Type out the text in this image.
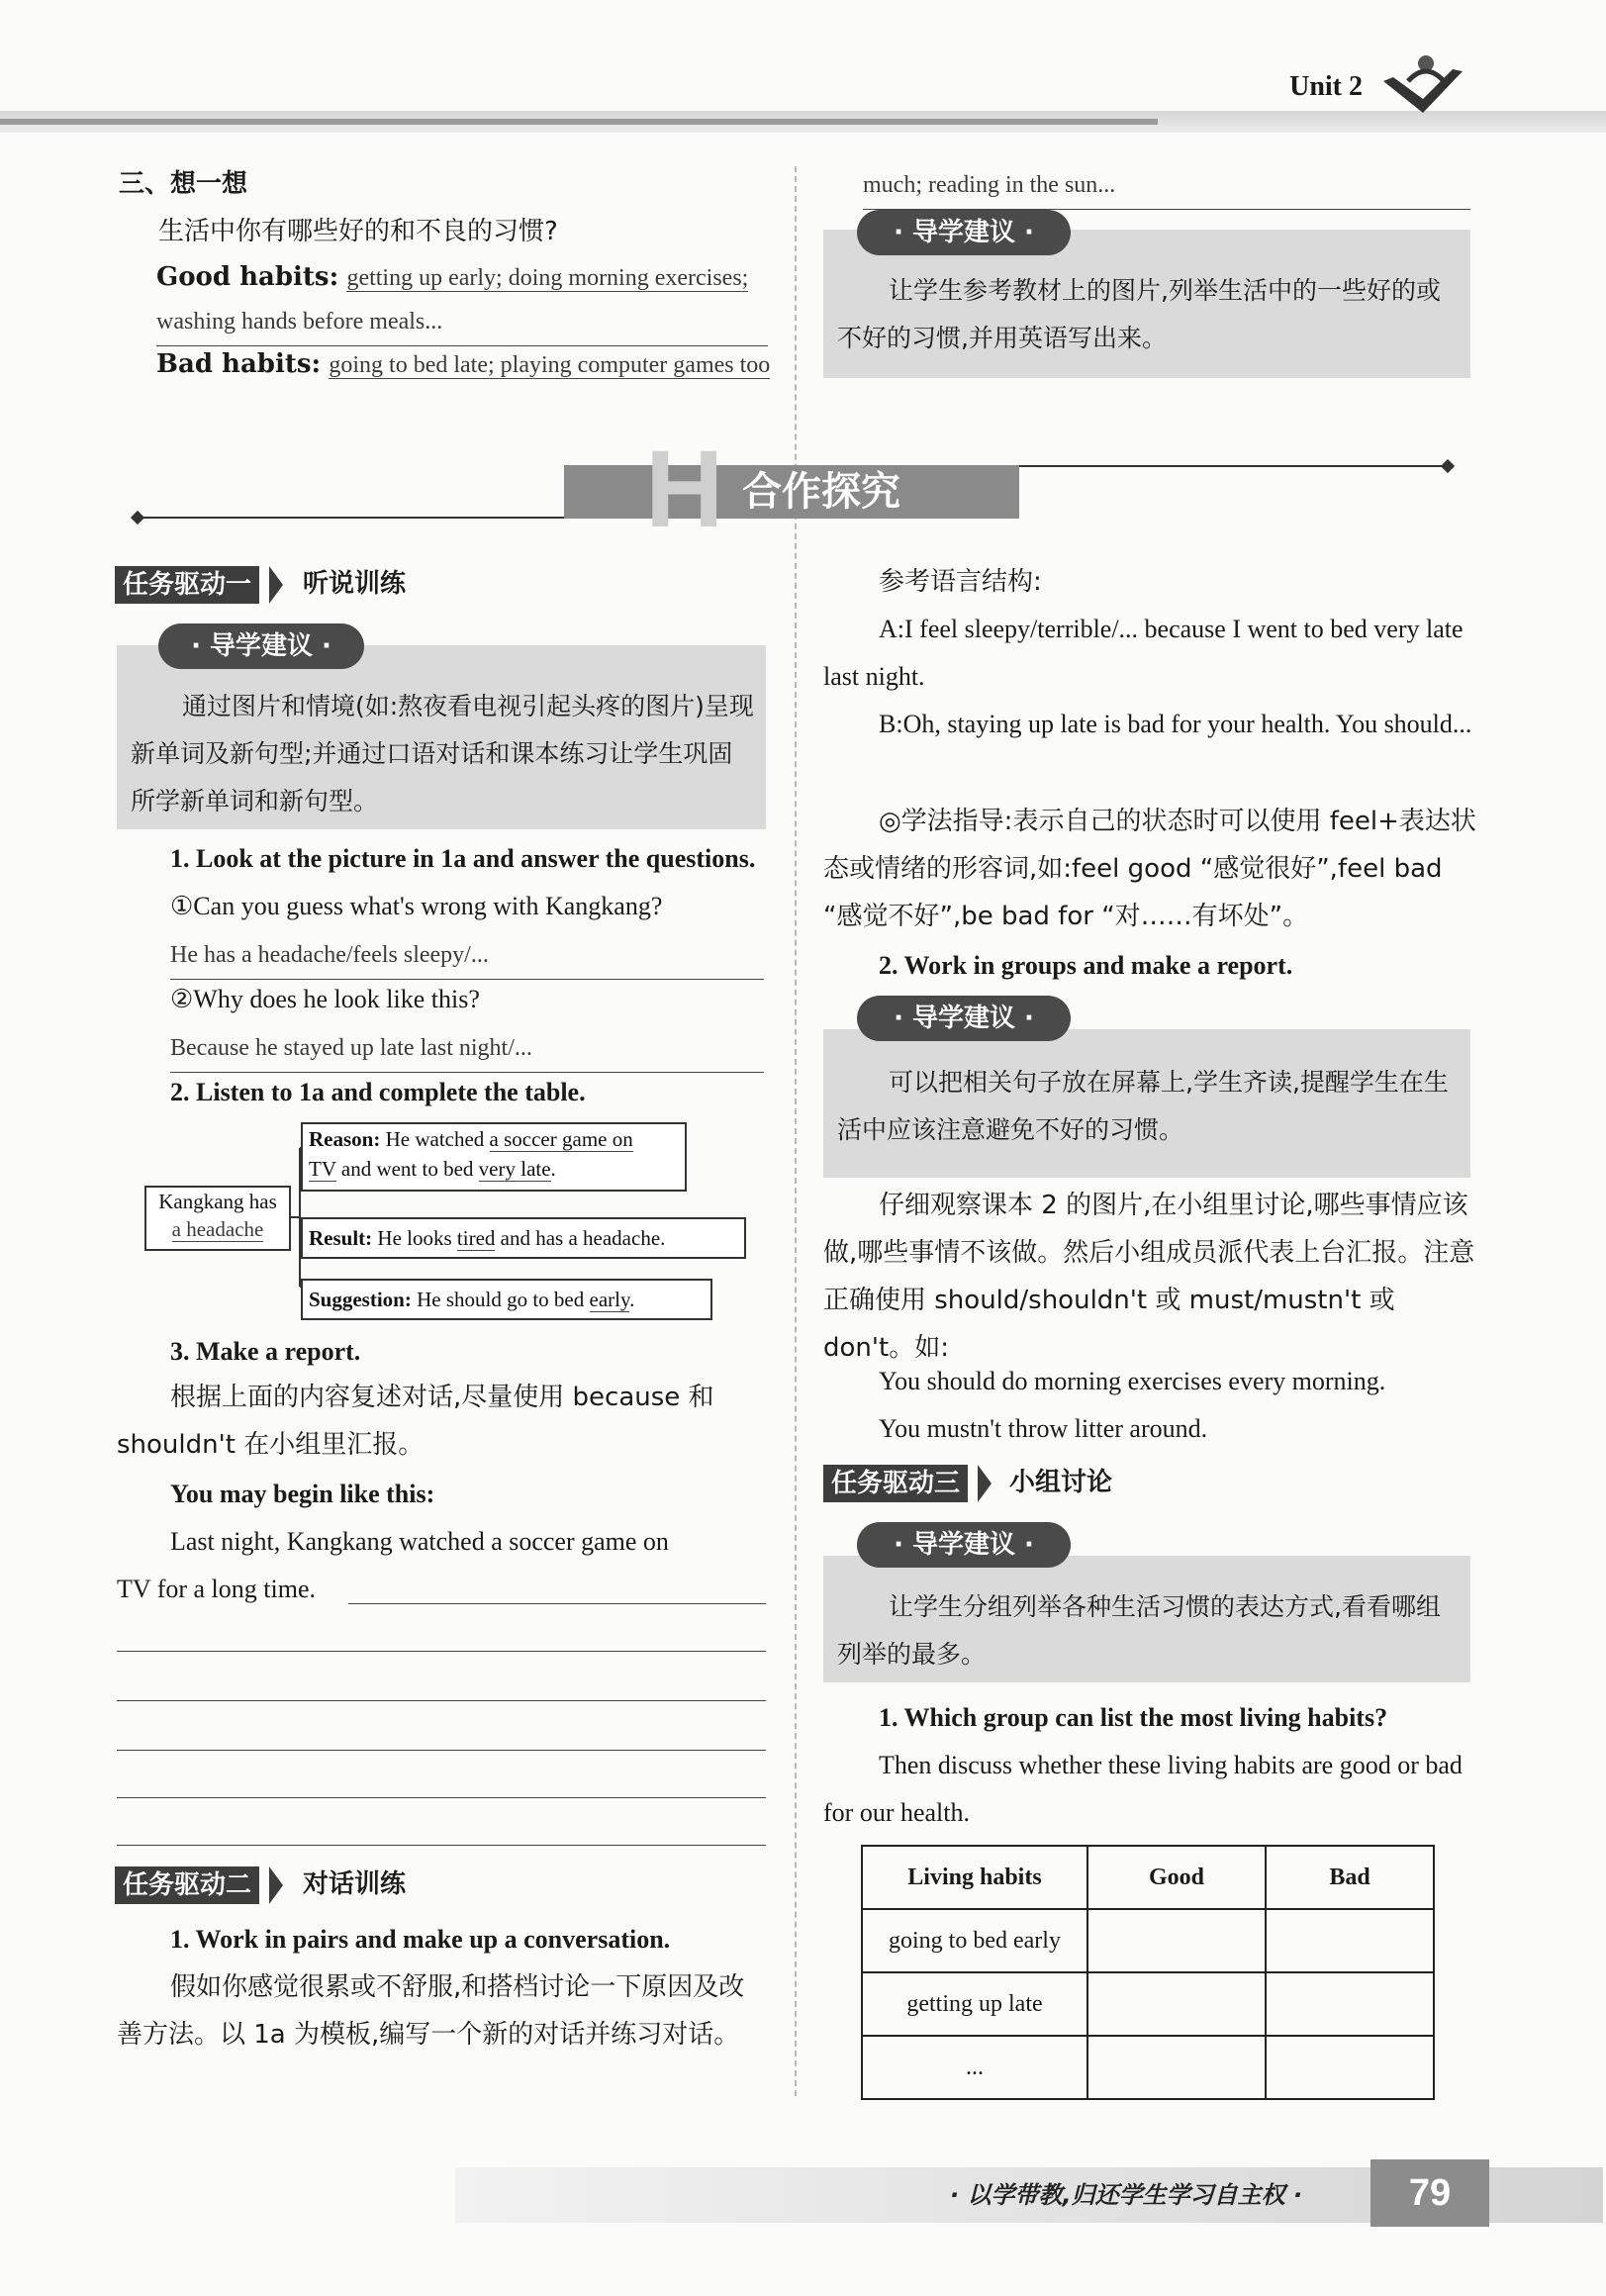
Unit 2
三、想一想
生活中你有哪些好的和不良的习惯?
Good habits: getting up early; doing morning exercises;
washing hands before meals...
Bad habits: going to bed late; playing computer games too
much; reading in the sun...
· 导学建议 ·
让学生参考教材上的图片,列举生活中的一些好的或不好的习惯,并用英语写出来。
H 合作探究
任务驱动一	听说训练
· 导学建议 ·
通过图片和情境(如:熬夜看电视引起头疼的图片)呈现新单词及新句型;并通过口语对话和课本练习让学生巩固所学新单词和新句型。
1. Look at the picture in 1a and answer the questions.
①Can you guess what's wrong with Kangkang?
He has a headache/feels sleepy/...
②Why does he look like this?
Because he stayed up late last night/...
2. Listen to 1a and complete the table.
Kangkang has
a headache
Reason: He watched a soccer game on
TV and went to bed very late.
Result: He looks tired and has a headache.
Suggestion: He should go to bed early.
3. Make a report.
根据上面的内容复述对话,尽量使用 because 和 shouldn't 在小组里汇报。
You may begin like this:
Last night, Kangkang watched a soccer game on
TV for a long time.
任务驱动二	对话训练
1. Work in pairs and make up a conversation.
假如你感觉很累或不舒服,和搭档讨论一下原因及改善方法。以 1a 为模板,编写一个新的对话并练习对话。
参考语言结构:
A:I feel sleepy/terrible/... because I went to bed very late last night.
B:Oh, staying up late is bad for your health. You should...
◎学法指导:表示自己的状态时可以使用 feel+表达状态或情绪的形容词,如:feel good “感觉很好”,feel bad “感觉不好”,be bad for “对……有坏处”。
2. Work in groups and make a report.
· 导学建议 ·
可以把相关句子放在屏幕上,学生齐读,提醒学生在生活中应该注意避免不好的习惯。
仔细观察课本 2 的图片,在小组里讨论,哪些事情应该做,哪些事情不该做。然后小组成员派代表上台汇报。注意正确使用 should/shouldn't 或 must/mustn't 或 don't。如:
You should do morning exercises every morning.
You mustn't throw litter around.
任务驱动三	小组讨论
· 导学建议 ·
让学生分组列举各种生活习惯的表达方式,看看哪组列举的最多。
1. Which group can list the most living habits?
Then discuss whether these living habits are good or bad for our health.
Living habits	Good	Bad
going to bed early		
getting up late		
...		
· 以学带教,归还学生学习自主权 ·	79
